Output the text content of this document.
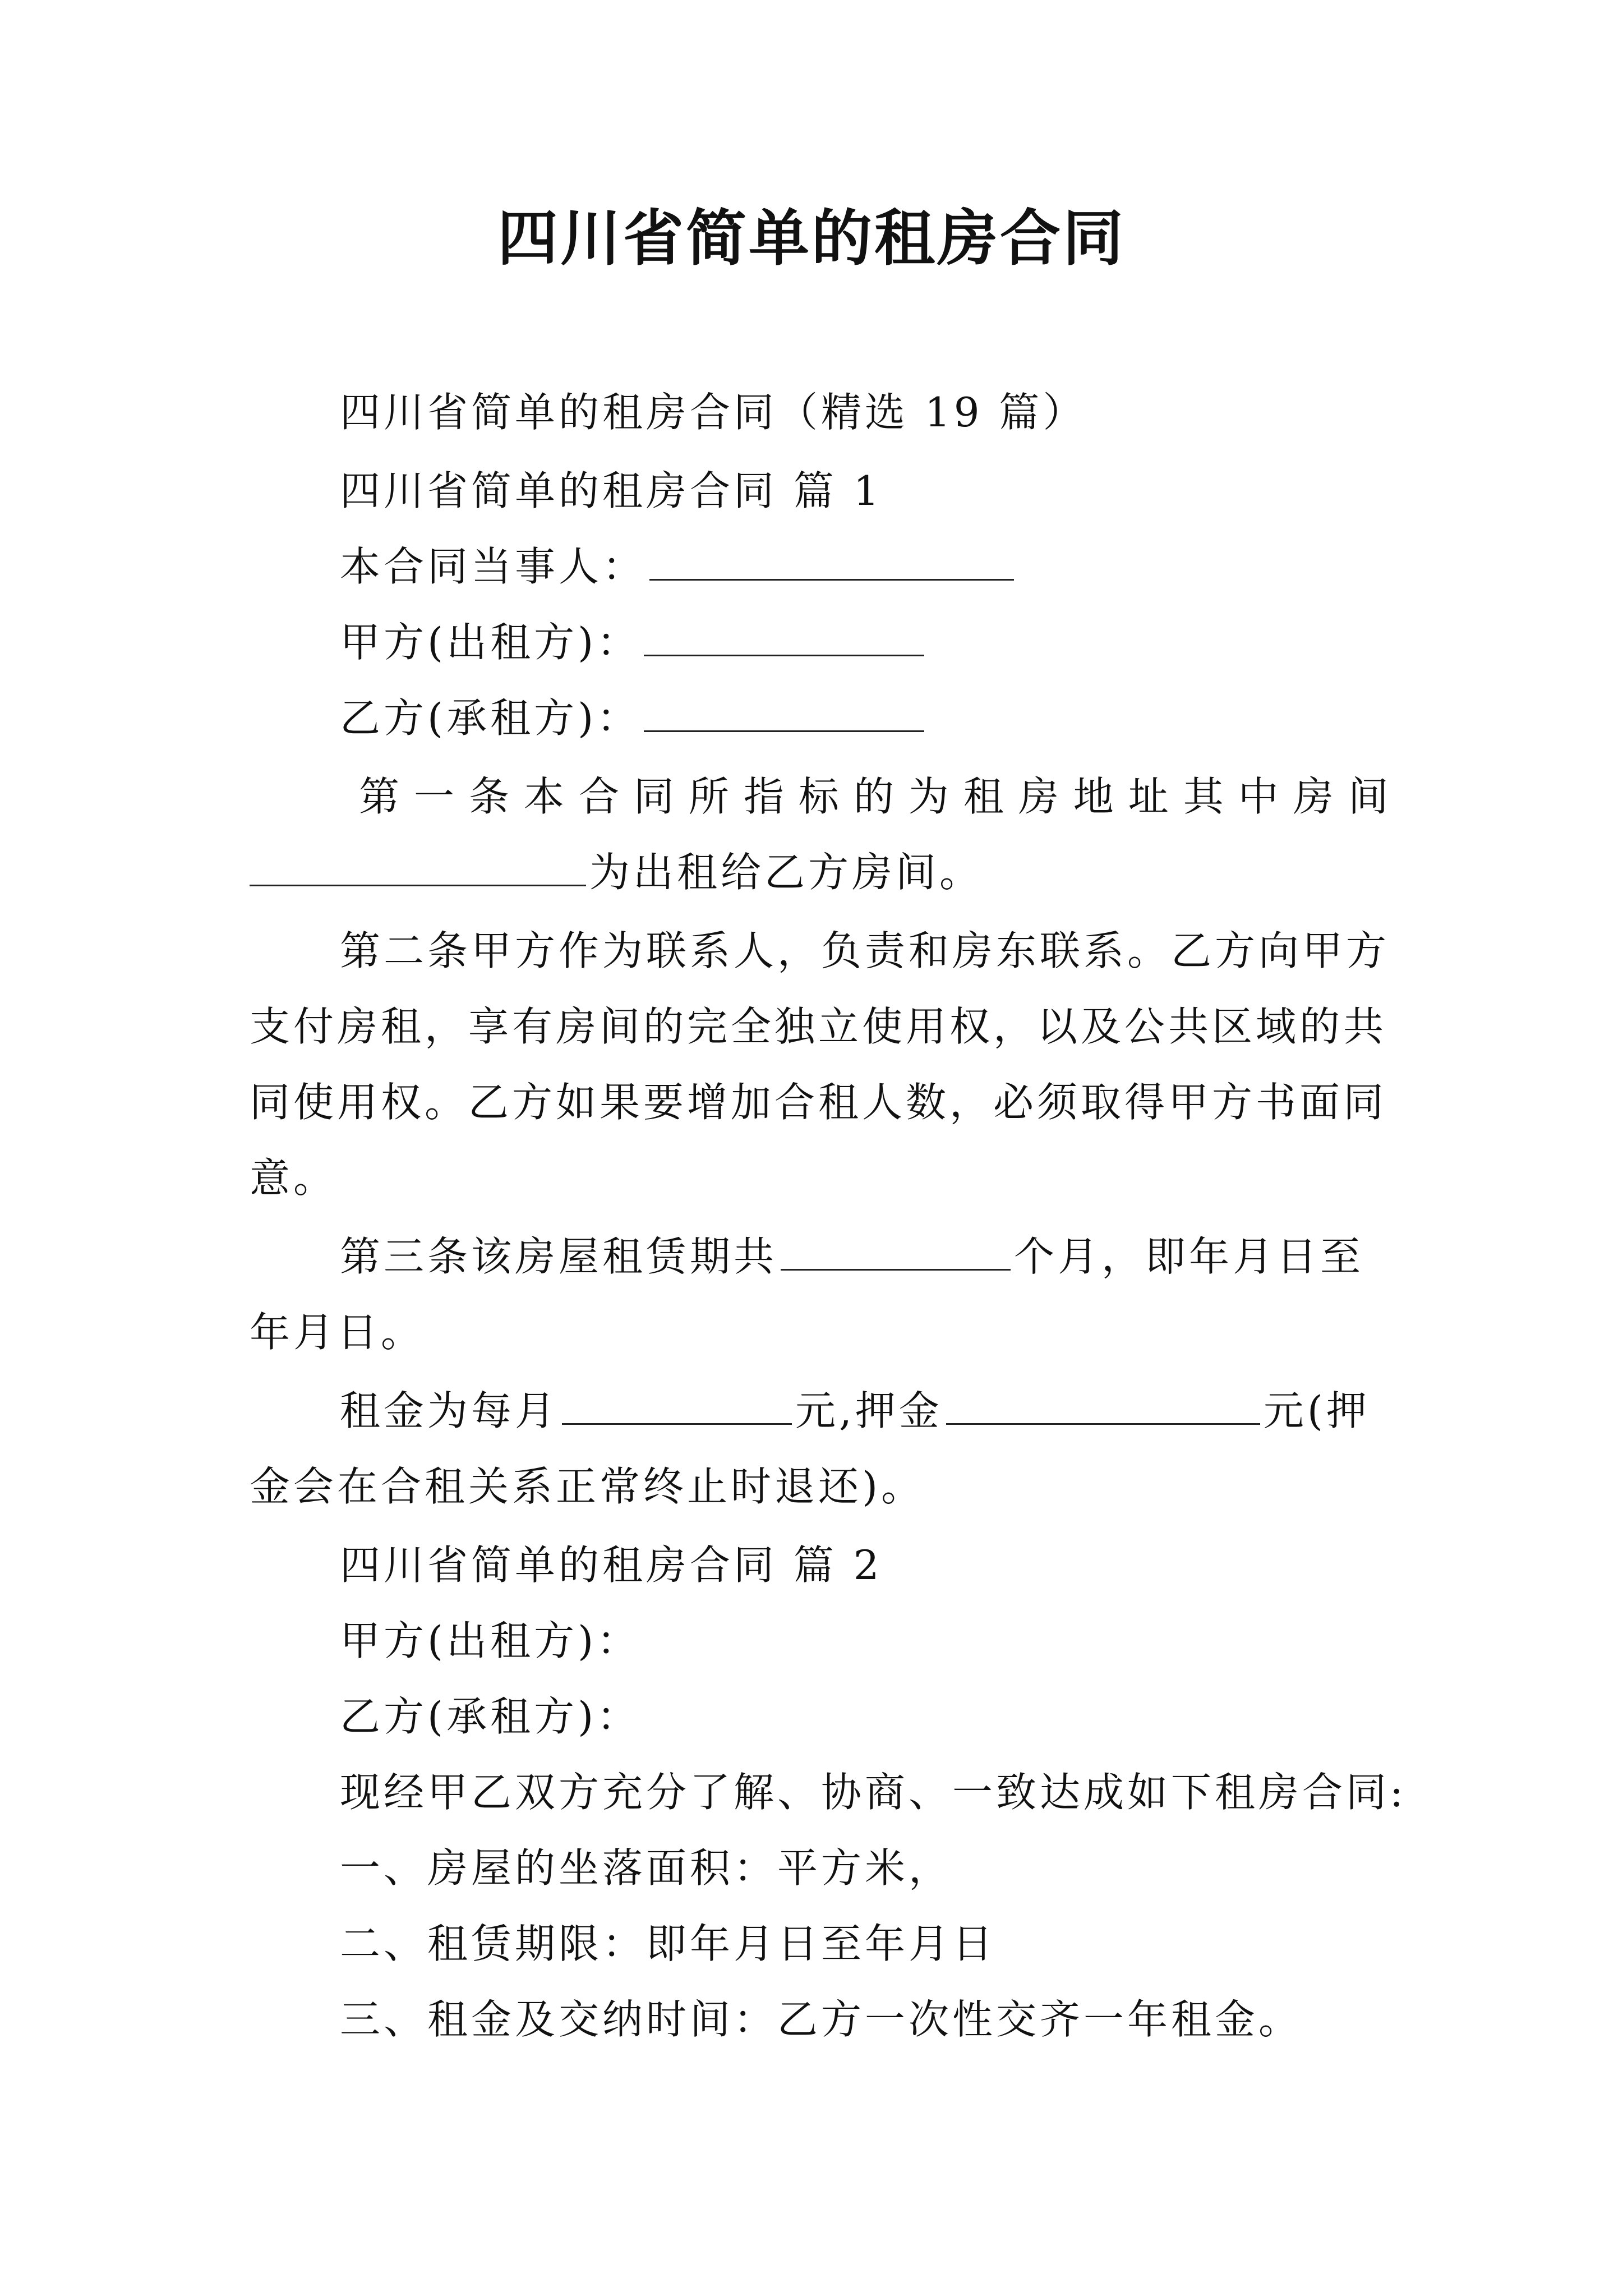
四川省简单的租房合同
四川省简单的租房合同（精选 19 篇）
四川省简单的租房合同 篇 1
本合同当事人：
甲方(出租方)：
乙方(承租方)：
第 一 条 本 合 同 所 指 标 的 为 租 房 地 址 其 中 房 间
为出租给乙方房间。
第二条甲方作为联系人，负责和房东联系。乙方向甲方
支付房租，享有房间的完全独立使用权，以及公共区域的共
同使用权。乙方如果要增加合租人数，必须取得甲方书面同
意。
第三条该房屋租赁期共	个月，即年月日至
年月日。
租金为每月	元,押金	元(押
金会在合租关系正常终止时退还)。
四川省简单的租房合同 篇 2
甲方(出租方)：
乙方(承租方)：
现经甲乙双方充分了解、协商、一致达成如下租房合同:
一、房屋的坐落面积：平方米，
二、租赁期限：即年月日至年月日
三、租金及交纳时间：乙方一次性交齐一年租金。
